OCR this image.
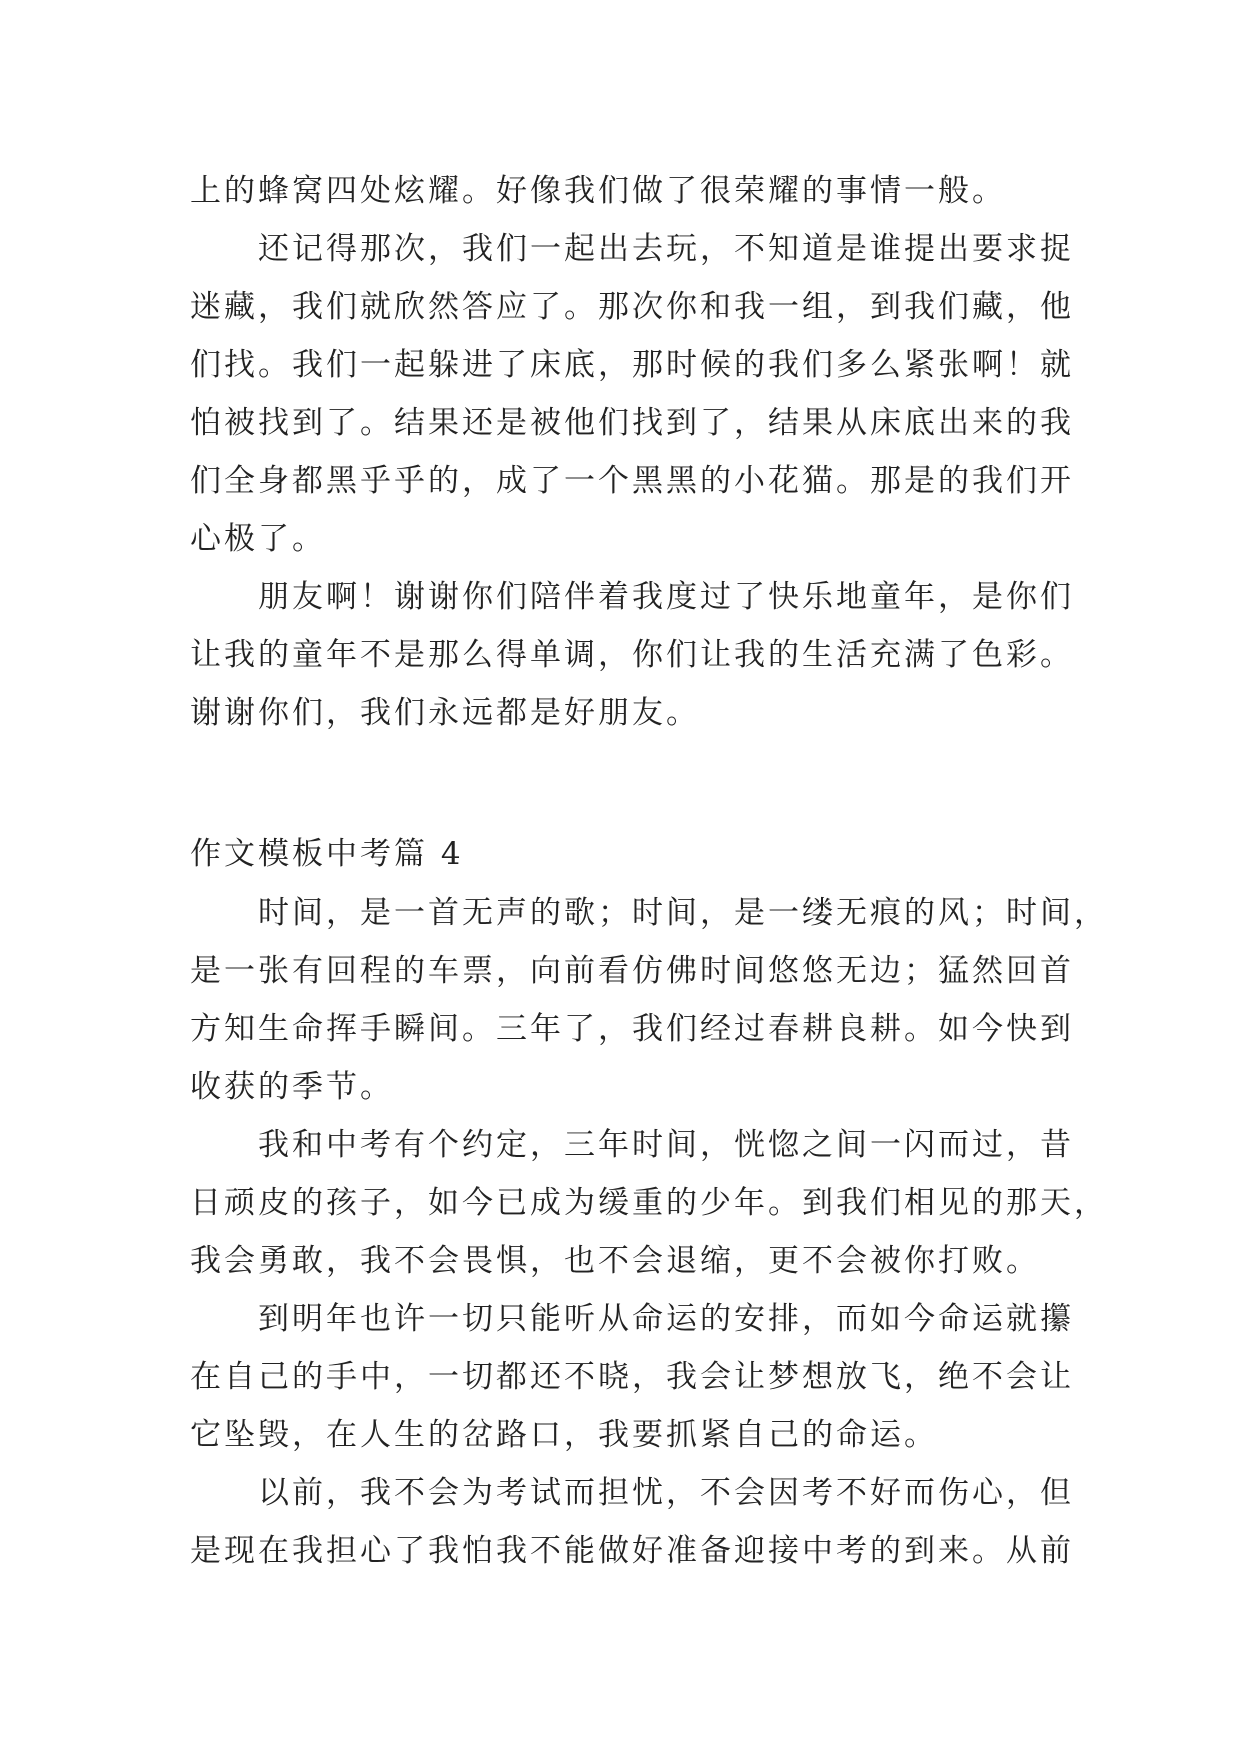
上的蜂窝四处炫耀。好像我们做了很荣耀的事情一般。
还记得那次，我们一起出去玩，不知道是谁提出要求捉
迷藏，我们就欣然答应了。那次你和我一组，到我们藏，他
们找。我们一起躲进了床底，那时候的我们多么紧张啊！就
怕被找到了。结果还是被他们找到了，结果从床底出来的我
们全身都黑乎乎的，成了一个黑黑的小花猫。那是的我们开
心极了。
朋友啊！谢谢你们陪伴着我度过了快乐地童年，是你们
让我的童年不是那么得单调，你们让我的生活充满了色彩。
谢谢你们，我们永远都是好朋友。
作文模板中考篇 4
时间，是一首无声的歌；时间，是一缕无痕的风；时间，
是一张有回程的车票，向前看仿佛时间悠悠无边；猛然回首
方知生命挥手瞬间。三年了，我们经过春耕良耕。如今快到
收获的季节。
我和中考有个约定，三年时间，恍惚之间一闪而过，昔
日顽皮的孩子，如今已成为缓重的少年。到我们相见的那天，
我会勇敢，我不会畏惧，也不会退缩，更不会被你打败。
到明年也许一切只能听从命运的安排，而如今命运就攥
在自己的手中，一切都还不晓，我会让梦想放飞，绝不会让
它坠毁，在人生的岔路口，我要抓紧自己的命运。
以前，我不会为考试而担忧，不会因考不好而伤心，但
是现在我担心了我怕我不能做好准备迎接中考的到来。从前
